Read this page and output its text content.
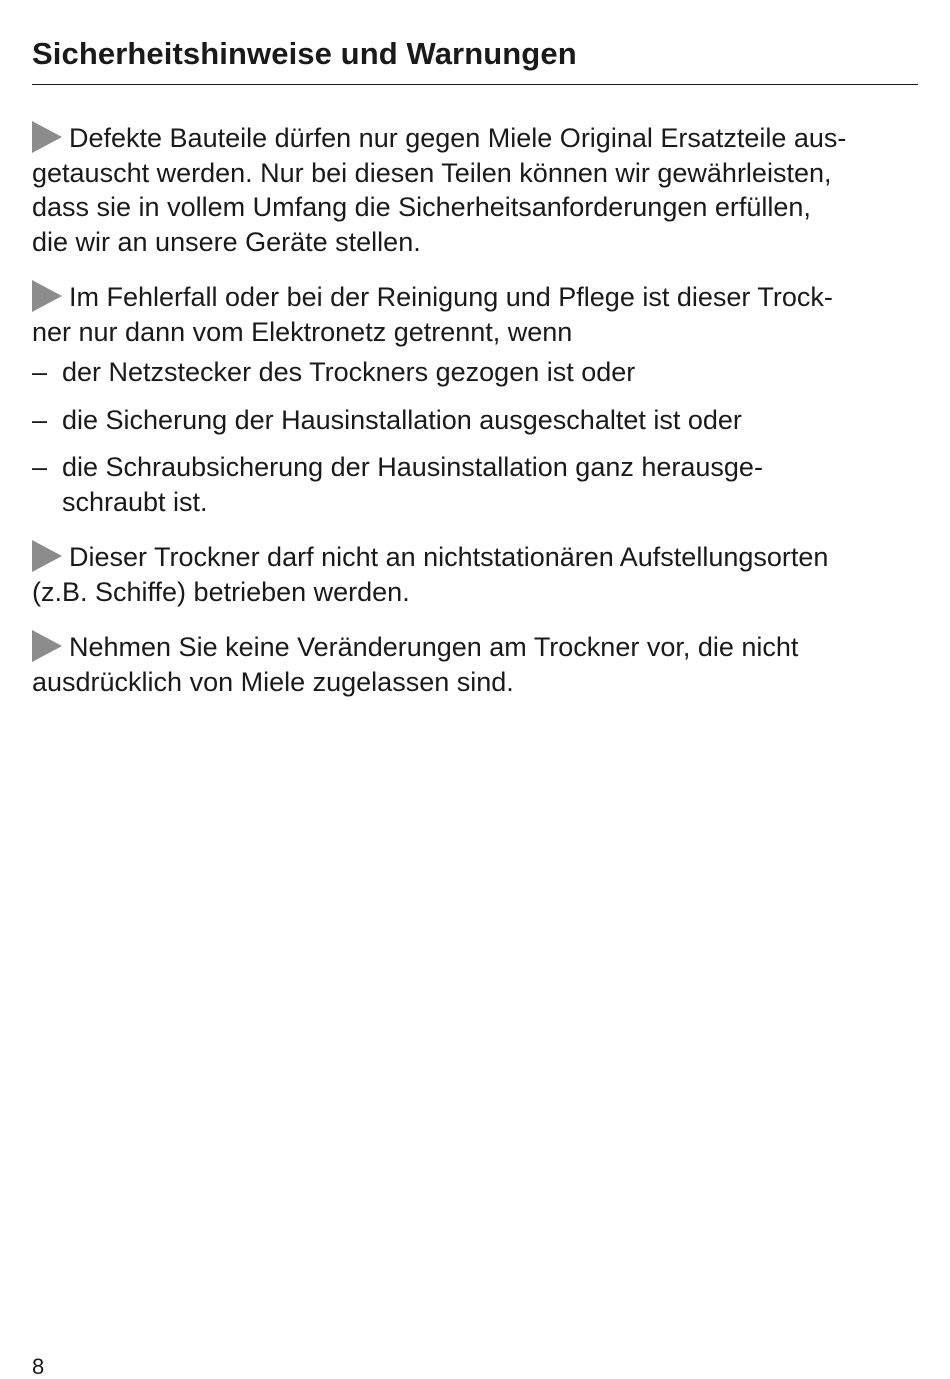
Sicherheitshinweise und Warnungen

Defekte Bauteile dürfen nur gegen Miele Original Ersatzteile aus-
getauscht werden. Nur bei diesen Teilen können wir gewährleisten,
dass sie in vollem Umfang die Sicherheitsanforderungen erfüllen,
die wir an unsere Geräte stellen.

Im Fehlerfall oder bei der Reinigung und Pflege ist dieser Trock-
ner nur dann vom Elektronetz getrennt, wenn

– der Netzstecker des Trockners gezogen ist oder
– die Sicherung der Hausinstallation ausgeschaltet ist oder
– die Schraubsicherung der Hausinstallation ganz herausge-
schraubt ist.

Dieser Trockner darf nicht an nichtstationären Aufstellungsorten
(z.B. Schiffe) betrieben werden.

Nehmen Sie keine Veränderungen am Trockner vor, die nicht
ausdrücklich von Miele zugelassen sind.

8
